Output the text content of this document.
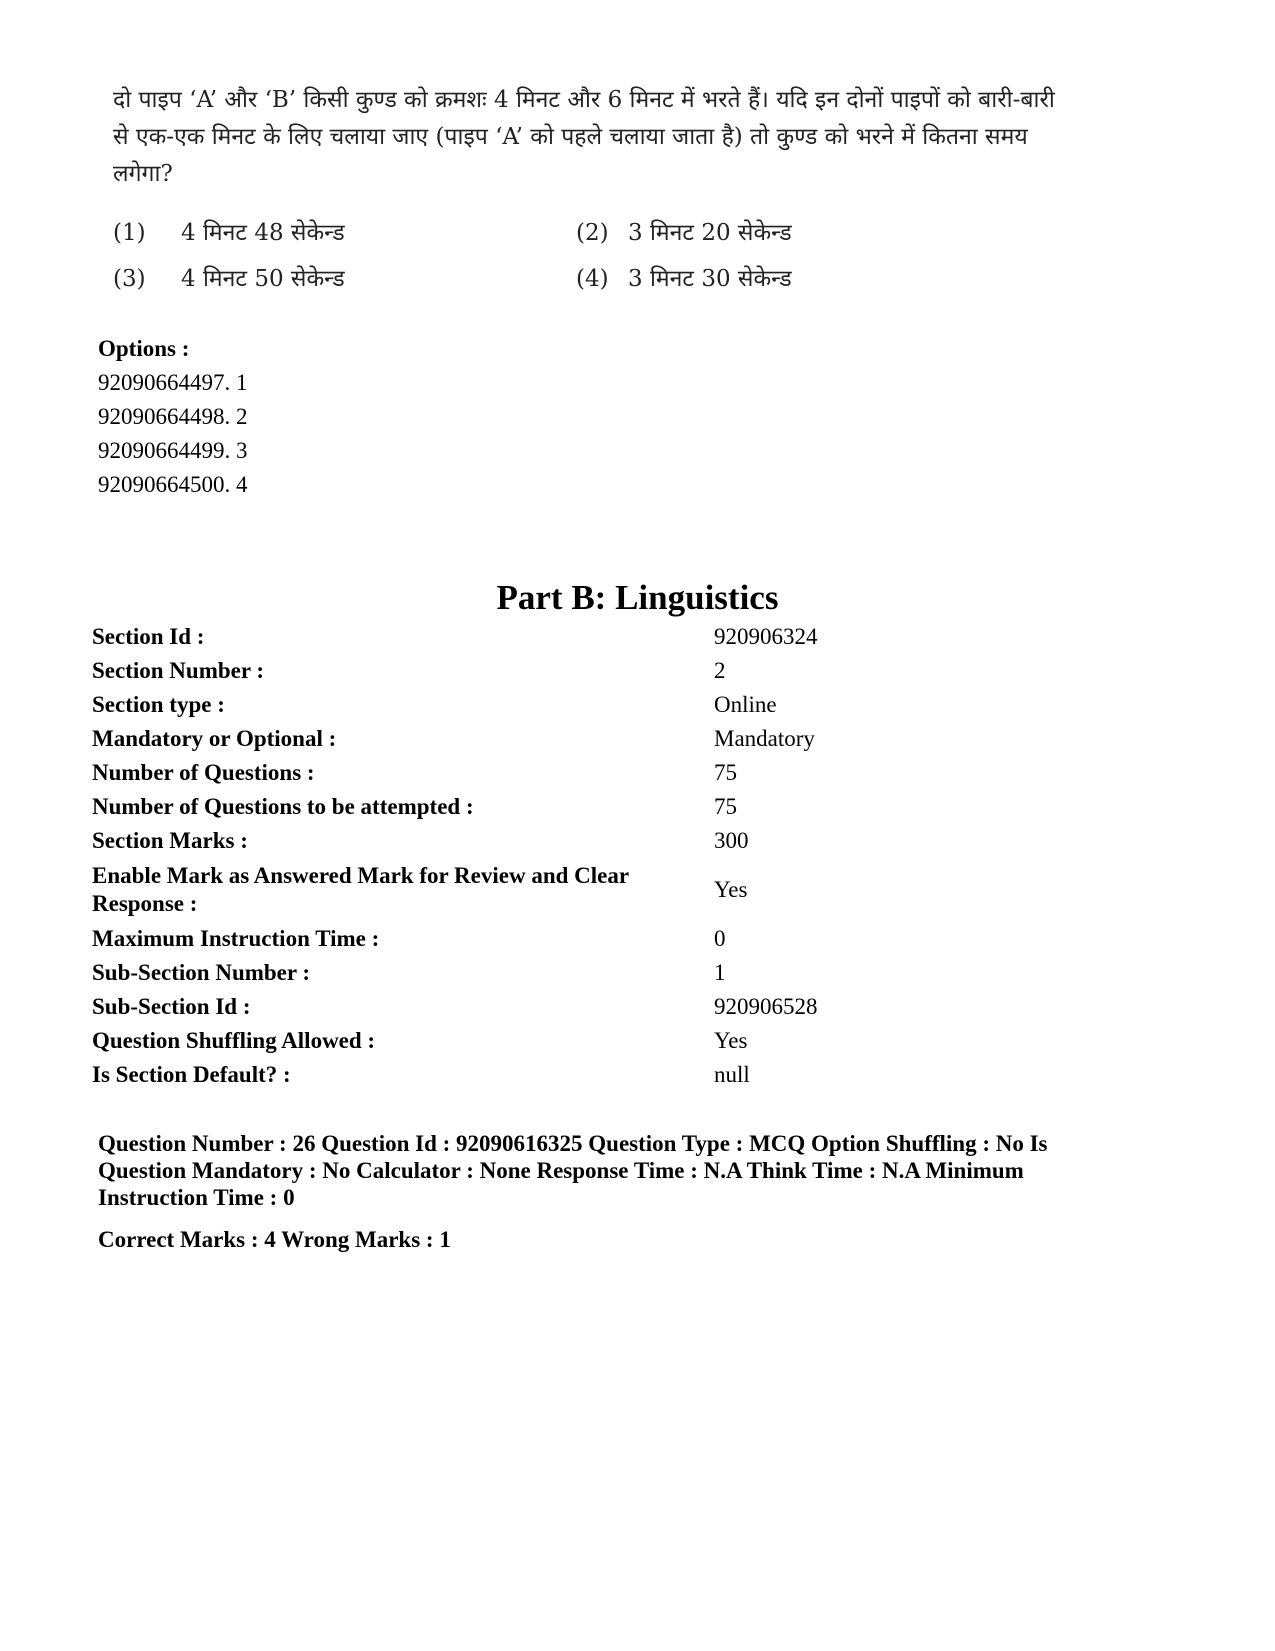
दो पाइप ‘A’ और ‘B’ किसी कुण्ड को क्रमशः 4 मिनट और 6 मिनट में भरते हैं। यदि इन दोनों पाइपों को बारी-बारी से एक-एक मिनट के लिए चलाया जाए (पाइप ‘A’ को पहले चलाया जाता है) तो कुण्ड को भरने में कितना समय लगेगा?
(1) 4 मिनट 48 सेकेन्ड	(2) 3 मिनट 20 सेकेन्ड
(3) 4 मिनट 50 सेकेन्ड	(4) 3 मिनट 30 सेकेन्ड
Options :
92090664497. 1
92090664498. 2
92090664499. 3
92090664500. 4
Part B: Linguistics
Section Id :	920906324
Section Number :	2
Section type :	Online
Mandatory or Optional :	Mandatory
Number of Questions :	75
Number of Questions to be attempted :	75
Section Marks :	300
Enable Mark as Answered Mark for Review and Clear Response :	Yes
Maximum Instruction Time :	0
Sub-Section Number :	1
Sub-Section Id :	920906528
Question Shuffling Allowed :	Yes
Is Section Default? :	null
Question Number : 26 Question Id : 92090616325 Question Type : MCQ Option Shuffling : No Is Question Mandatory : No Calculator : None Response Time : N.A Think Time : N.A Minimum Instruction Time : 0
Correct Marks : 4 Wrong Marks : 1
